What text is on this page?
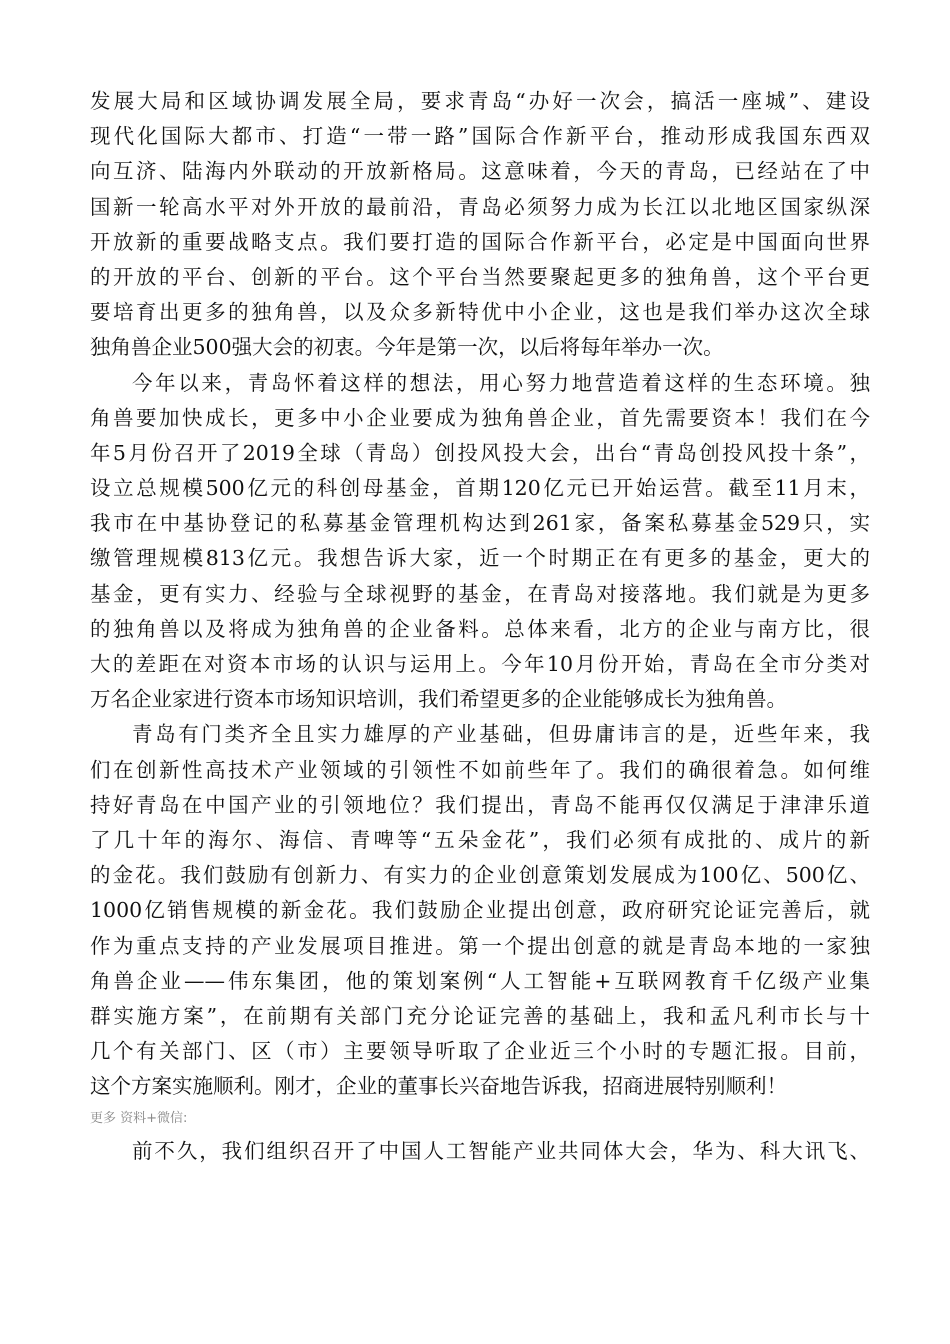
发展大局和区域协调发展全局，要求青岛“办好一次会，搞活一座城”、建设
现代化国际大都市、打造“一带一路”国际合作新平台，推动形成我国东西双
向互济、陆海内外联动的开放新格局。这意味着，今天的青岛，已经站在了中
国新一轮高水平对外开放的最前沿，青岛必须努力成为长江以北地区国家纵深
开放新的重要战略支点。我们要打造的国际合作新平台，必定是中国面向世界
的开放的平台、创新的平台。这个平台当然要聚起更多的独角兽，这个平台更
要培育出更多的独角兽，以及众多新特优中小企业，这也是我们举办这次全球
独角兽企业500强大会的初衷。今年是第一次，以后将每年举办一次。
今年以来，青岛怀着这样的想法，用心努力地营造着这样的生态环境。独
角兽要加快成长，更多中小企业要成为独角兽企业，首先需要资本！我们在今
年5月份召开了2019全球（青岛）创投风投大会，出台“青岛创投风投十条”，
设立总规模500亿元的科创母基金，首期120亿元已开始运营。截至11月末，
我市在中基协登记的私募基金管理机构达到261家，备案私募基金529只，实
缴管理规模813亿元。我想告诉大家，近一个时期正在有更多的基金，更大的
基金，更有实力、经验与全球视野的基金，在青岛对接落地。我们就是为更多
的独角兽以及将成为独角兽的企业备料。总体来看，北方的企业与南方比，很
大的差距在对资本市场的认识与运用上。今年10月份开始，青岛在全市分类对
万名企业家进行资本市场知识培训，我们希望更多的企业能够成长为独角兽。
青岛有门类齐全且实力雄厚的产业基础，但毋庸讳言的是，近些年来，我
们在创新性高技术产业领域的引领性不如前些年了。我们的确很着急。如何维
持好青岛在中国产业的引领地位？我们提出，青岛不能再仅仅满足于津津乐道
了几十年的海尔、海信、青啤等“五朵金花”，我们必须有成批的、成片的新
的金花。我们鼓励有创新力、有实力的企业创意策划发展成为100亿、500亿、
1000亿销售规模的新金花。我们鼓励企业提出创意，政府研究论证完善后，就
作为重点支持的产业发展项目推进。第一个提出创意的就是青岛本地的一家独
角兽企业——伟东集团，他的策划案例“人工智能+互联网教育千亿级产业集
群实施方案”，在前期有关部门充分论证完善的基础上，我和孟凡利市长与十
几个有关部门、区（市）主要领导听取了企业近三个小时的专题汇报。目前，
这个方案实施顺利。刚才，企业的董事长兴奋地告诉我，招商进展特别顺利！
更多 资料+微信:
前不久，我们组织召开了中国人工智能产业共同体大会，华为、科大讯飞、
